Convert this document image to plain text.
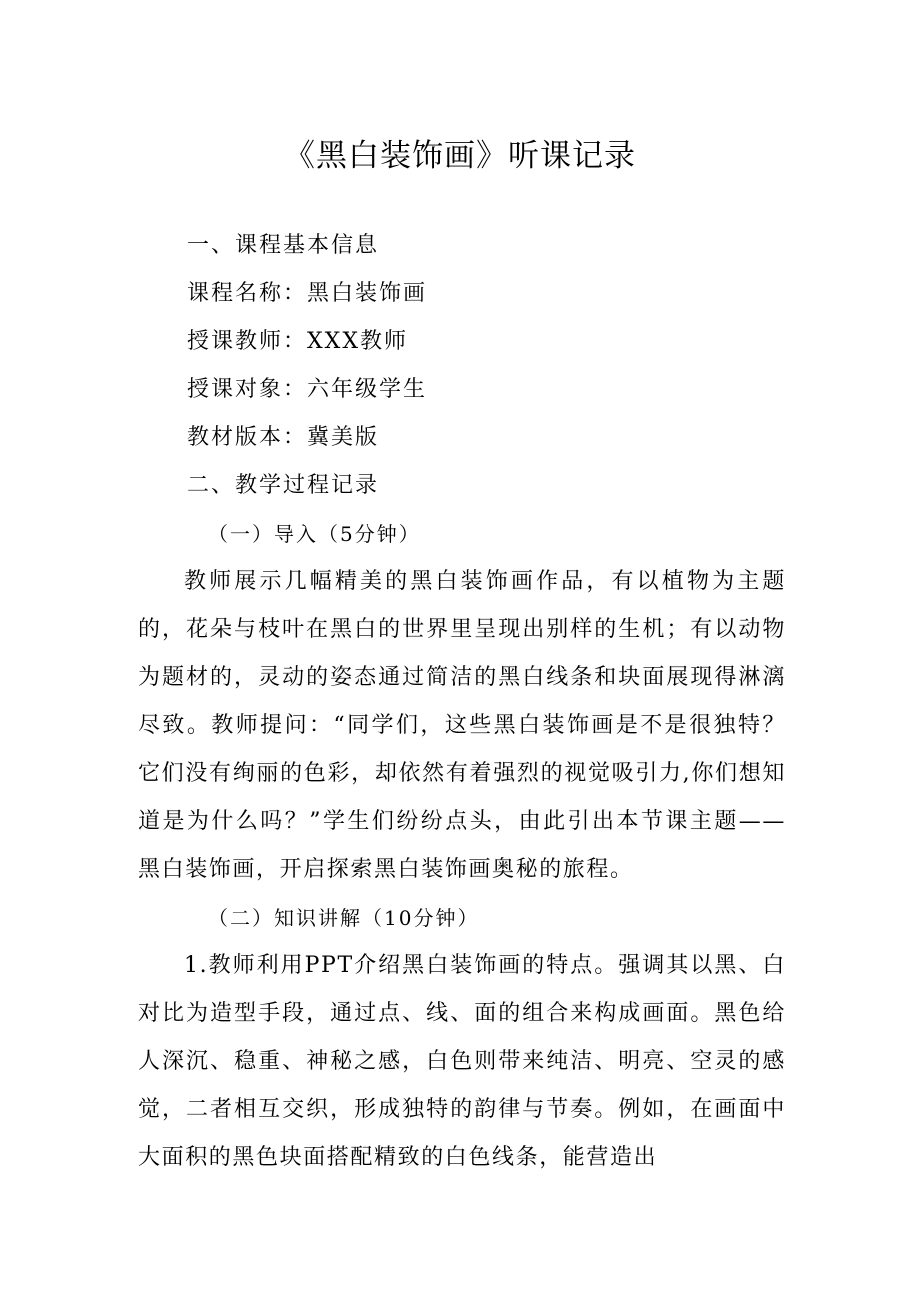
《黑白装饰画》听课记录

一、课程基本信息

课程名称：黑白装饰画

授课教师：XXX教师

授课对象：六年级学生

教材版本：冀美版

二、教学过程记录

（一）导入（5分钟）

教师展示几幅精美的黑白装饰画作品，有以植物为主题的，花朵与枝叶在黑白的世界里呈现出别样的生机；有以动物为题材的，灵动的姿态通过简洁的黑白线条和块面展现得淋漓尽致。教师提问：“同学们，这些黑白装饰画是不是很独特？它们没有绚丽的色彩，却依然有着强烈的视觉吸引力,你们想知道是为什么吗？”学生们纷纷点头，由此引出本节课主题——黑白装饰画，开启探索黑白装饰画奥秘的旅程。

（二）知识讲解（10分钟）

1.教师利用PPT介绍黑白装饰画的特点。强调其以黑、白对比为造型手段，通过点、线、面的组合来构成画面。黑色给人深沉、稳重、神秘之感，白色则带来纯洁、明亮、空灵的感觉，二者相互交织，形成独特的韵律与节奏。例如，在画面中大面积的黑色块面搭配精致的白色线条，能营造出
